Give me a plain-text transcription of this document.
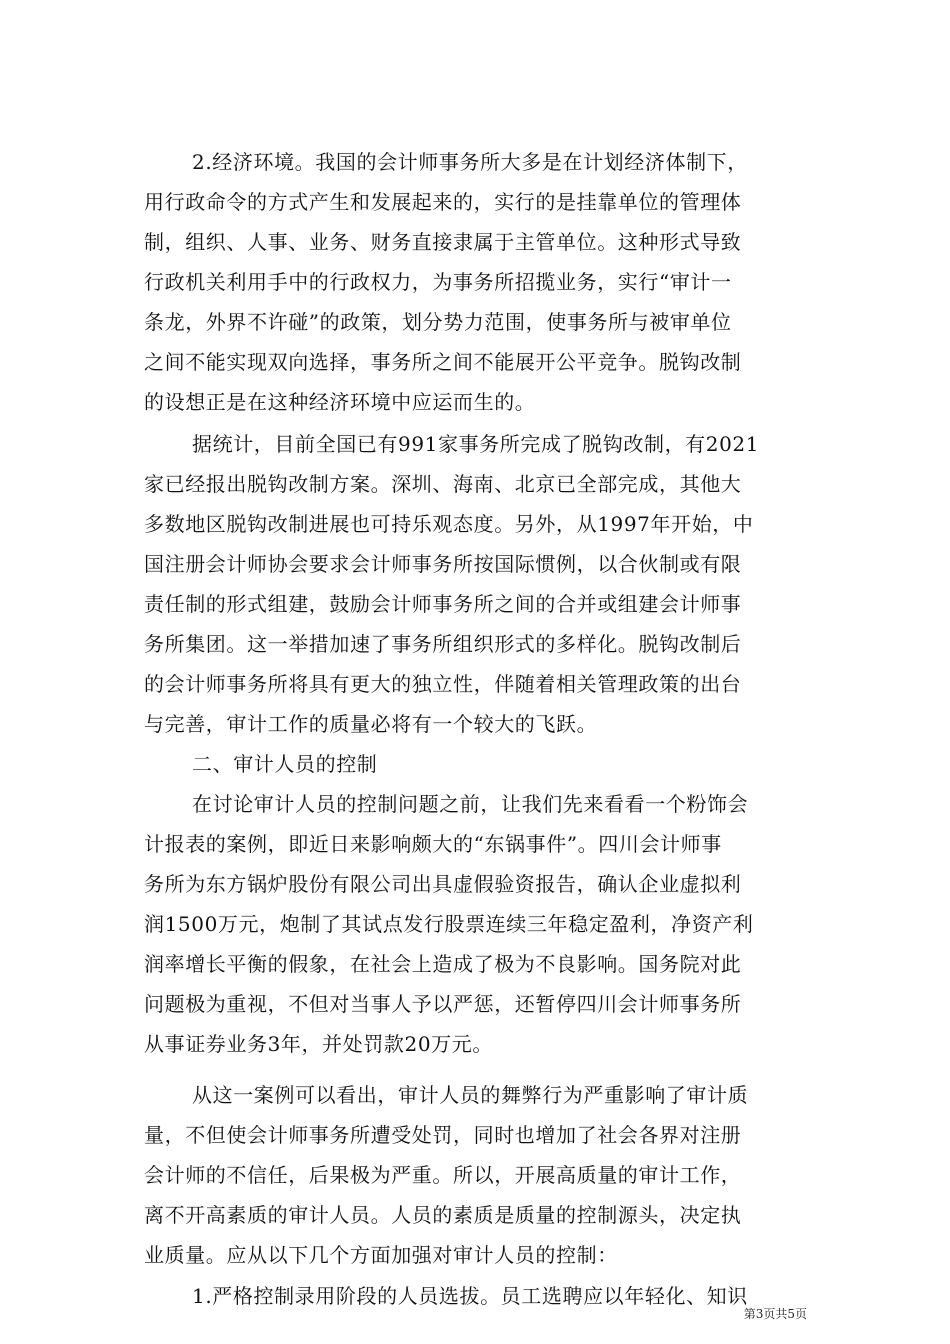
2.经济环境。我国的会计师事务所大多是在计划经济体制下，
用行政命令的方式产生和发展起来的，实行的是挂靠单位的管理体
制，组织、人事、业务、财务直接隶属于主管单位。这种形式导致
行政机关利用手中的行政权力，为事务所招揽业务，实行“审计一
条龙，外界不许碰”的政策，划分势力范围，使事务所与被审单位
之间不能实现双向选择，事务所之间不能展开公平竞争。脱钩改制
的设想正是在这种经济环境中应运而生的。
据统计，目前全国已有991家事务所完成了脱钩改制，有2021
家已经报出脱钩改制方案。深圳、海南、北京已全部完成，其他大
多数地区脱钩改制进展也可持乐观态度。另外，从1997年开始，中
国注册会计师协会要求会计师事务所按国际惯例，以合伙制或有限
责任制的形式组建，鼓励会计师事务所之间的合并或组建会计师事
务所集团。这一举措加速了事务所组织形式的多样化。脱钩改制后
的会计师事务所将具有更大的独立性，伴随着相关管理政策的出台
与完善，审计工作的质量必将有一个较大的飞跃。
二、审计人员的控制
在讨论审计人员的控制问题之前，让我们先来看看一个粉饰会
计报表的案例，即近日来影响颇大的“东锅事件”。四川会计师事
务所为东方锅炉股份有限公司出具虚假验资报告，确认企业虚拟利
润1500万元，炮制了其试点发行股票连续三年稳定盈利，净资产利
润率增长平衡的假象，在社会上造成了极为不良影响。国务院对此
问题极为重视，不但对当事人予以严惩，还暂停四川会计师事务所
从事证券业务3年，并处罚款20万元。
从这一案例可以看出，审计人员的舞弊行为严重影响了审计质
量，不但使会计师事务所遭受处罚，同时也增加了社会各界对注册
会计师的不信任，后果极为严重。所以，开展高质量的审计工作，
离不开高素质的审计人员。人员的素质是质量的控制源头，决定执
业质量。应从以下几个方面加强对审计人员的控制：
1.严格控制录用阶段的人员选拔。员工选聘应以年轻化、知识
第3页共5页
